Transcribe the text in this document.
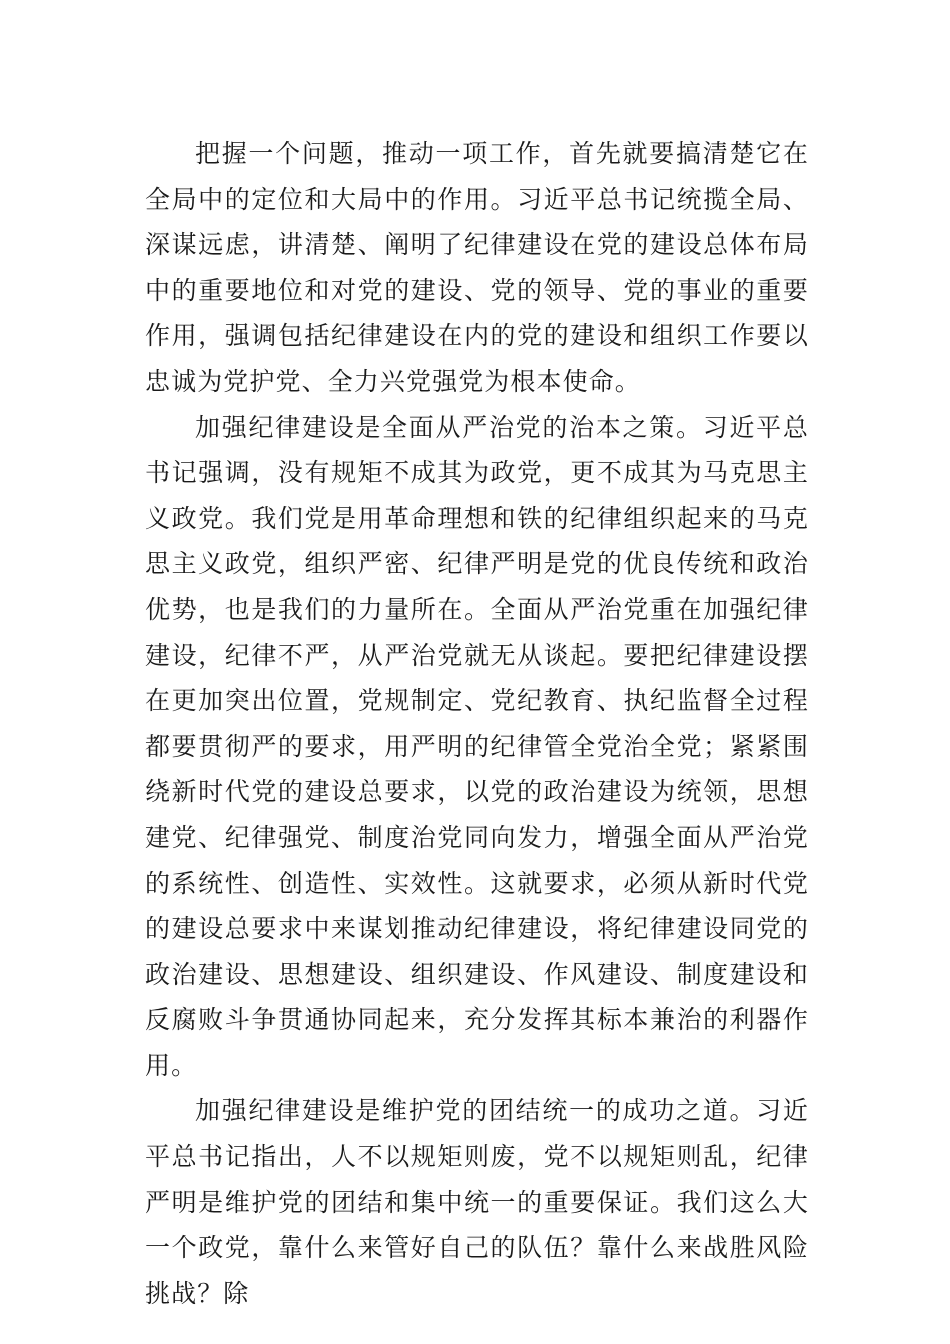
把握一个问题，推动一项工作，首先就要搞清楚它在全局中的定位和大局中的作用。习近平总书记统揽全局、深谋远虑，讲清楚、阐明了纪律建设在党的建设总体布局中的重要地位和对党的建设、党的领导、党的事业的重要作用，强调包括纪律建设在内的党的建设和组织工作要以忠诚为党护党、全力兴党强党为根本使命。

加强纪律建设是全面从严治党的治本之策。习近平总书记强调，没有规矩不成其为政党，更不成其为马克思主义政党。我们党是用革命理想和铁的纪律组织起来的马克思主义政党，组织严密、纪律严明是党的优良传统和政治优势，也是我们的力量所在。全面从严治党重在加强纪律建设，纪律不严，从严治党就无从谈起。要把纪律建设摆在更加突出位置，党规制定、党纪教育、执纪监督全过程都要贯彻严的要求，用严明的纪律管全党治全党；紧紧围绕新时代党的建设总要求，以党的政治建设为统领，思想建党、纪律强党、制度治党同向发力，增强全面从严治党的系统性、创造性、实效性。这就要求，必须从新时代党的建设总要求中来谋划推动纪律建设，将纪律建设同党的政治建设、思想建设、组织建设、作风建设、制度建设和反腐败斗争贯通协同起来，充分发挥其标本兼治的利器作用。

加强纪律建设是维护党的团结统一的成功之道。习近平总书记指出，人不以规矩则废，党不以规矩则乱，纪律严明是维护党的团结和集中统一的重要保证。我们这么大一个政党，靠什么来管好自己的队伍？靠什么来战胜风险挑战？除
